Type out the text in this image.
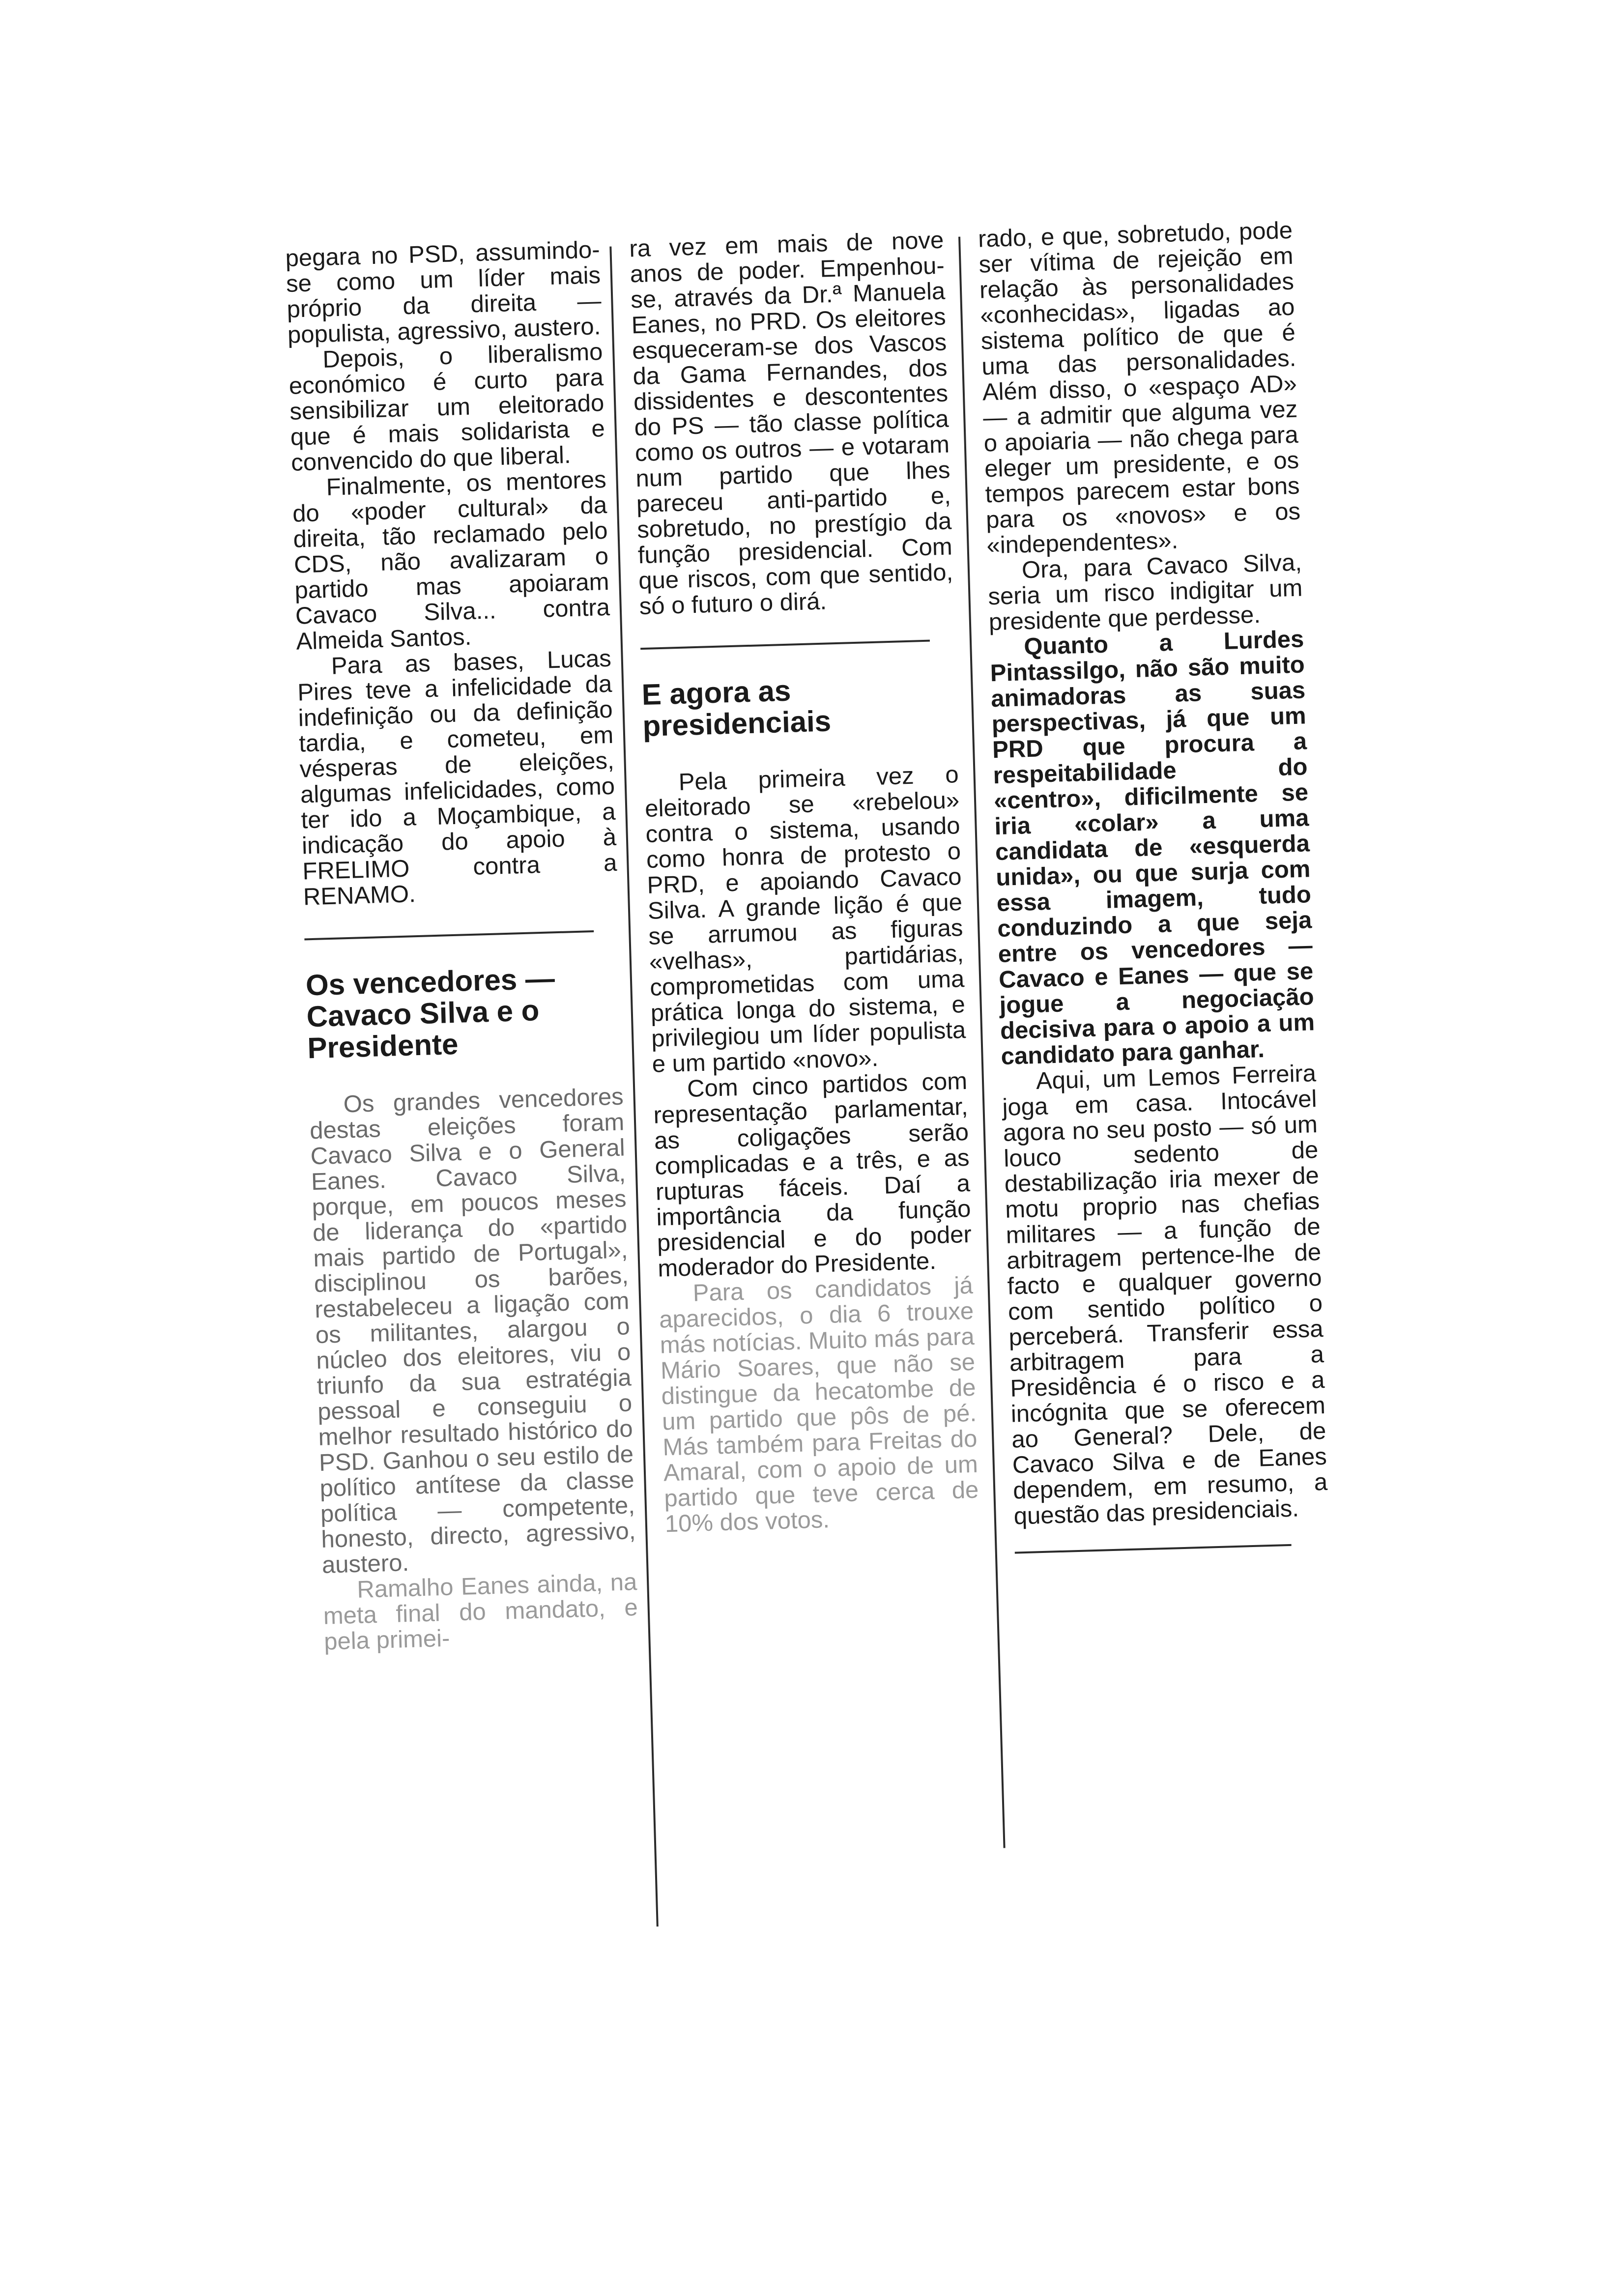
pegara no PSD, assumindo-se como um líder mais próprio da direita — populista, agressivo, austero.

Depois, o liberalismo económico é curto para sensibilizar um eleitorado que é mais solidarista e convencido do que liberal.

Finalmente, os mentores do «poder cultural» da direita, tão reclamado pelo CDS, não avalizaram o partido mas apoiaram Cavaco Silva... contra Almeida Santos.

Para as bases, Lucas Pires teve a infelicidade da indefinição ou da definição tardia, e cometeu, em vésperas de eleições, algumas infelicidades, como ter ido a Moçambique, a indicação do apoio à FRELIMO contra a RENAMO.

Os vencedores — Cavaco Silva e o Presidente

Os grandes vencedores destas eleições foram Cavaco Silva e o General Eanes. Cavaco Silva, porque, em poucos meses de liderança do «partido mais partido de Portugal», disciplinou os barões, restabeleceu a ligação com os militantes, alargou o núcleo dos eleitores, viu o triunfo da sua estratégia pessoal e conseguiu o melhor resultado histórico do PSD. Ganhou o seu estilo de político antítese da classe política — competente, honesto, directo, agressivo, austero.

Ramalho Eanes ainda, na meta final do mandato, e pela primei-

ra vez em mais de nove anos de poder. Empenhou-se, através da Dr.ª Manuela Eanes, no PRD. Os eleitores esqueceram-se dos Vascos da Gama Fernandes, dos dissidentes e descontentes do PS — tão classe política como os outros — e votaram num partido que lhes pareceu anti-partido e, sobretudo, no prestígio da função presidencial. Com que riscos, com que sentido, só o futuro o dirá.

E agora as presidenciais

Pela primeira vez o eleitorado se «rebelou» contra o sistema, usando como honra de protesto o PRD, e apoiando Cavaco Silva. A grande lição é que se arrumou as figuras «velhas», partidárias, comprometidas com uma prática longa do sistema, e privilegiou um líder populista e um partido «novo».

Com cinco partidos com representação parlamentar, as coligações serão complicadas e a três, e as rupturas fáceis. Daí a importância da função presidencial e do poder moderador do Presidente.

Para os candidatos já aparecidos, o dia 6 trouxe más notícias. Muito más para Mário Soares, que não se distingue da hecatombe de um partido que pôs de pé. Más também para Freitas do Amaral, com o apoio de um partido que teve cerca de 10% dos votos.

rado, e que, sobretudo, pode ser vítima de rejeição em relação às personalidades «conhecidas», ligadas ao sistema político de que é uma das personalidades. Além disso, o «espaço AD» — a admitir que alguma vez o apoiaria — não chega para eleger um presidente, e os tempos parecem estar bons para os «novos» e os «independentes».

Ora, para Cavaco Silva, seria um risco indigitar um presidente que perdesse.

Quanto a Lurdes Pintassilgo, não são muito animadoras as suas perspectivas, já que um PRD que procura a respeitabilidade do «centro», dificilmente se iria «colar» a uma candidata de «esquerda unida», ou que surja com essa imagem, tudo conduzindo a que seja entre os vencedores — Cavaco e Eanes — que se jogue a negociação decisiva para o apoio a um candidato para ganhar.

Aqui, um Lemos Ferreira joga em casa. Intocável agora no seu posto — só um louco sedento de destabilização iria mexer de motu proprio nas chefias militares — a função de arbitragem pertence-lhe de facto e qualquer governo com sentido político o perceberá. Transferir essa arbitragem para a Presidência é o risco e a incógnita que se oferecem ao General? Dele, de Cavaco Silva e de Eanes dependem, em resumo, a questão das presidenciais.
